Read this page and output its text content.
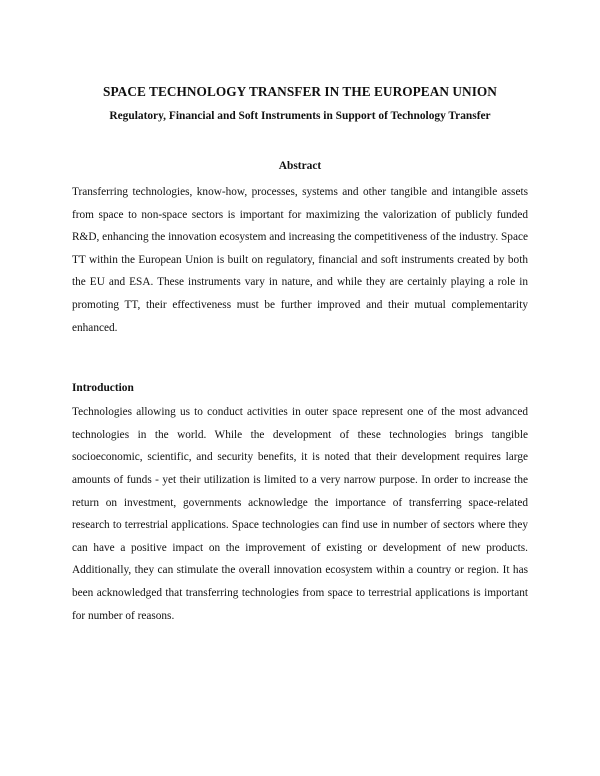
SPACE TECHNOLOGY TRANSFER IN THE EUROPEAN UNION
Regulatory, Financial and Soft Instruments in Support of Technology Transfer
Abstract

Transferring technologies, know-how, processes, systems and other tangible and intangible assets from space to non-space sectors is important for maximizing the valorization of publicly funded R&D, enhancing the innovation ecosystem and increasing the competitiveness of the industry. Space TT within the European Union is built on regulatory, financial and soft instruments created by both the EU and ESA. These instruments vary in nature, and while they are certainly playing a role in promoting TT, their effectiveness must be further improved and their mutual complementarity enhanced.

Introduction

Technologies allowing us to conduct activities in outer space represent one of the most advanced technologies in the world. While the development of these technologies brings tangible socioeconomic, scientific, and security benefits, it is noted that their development requires large amounts of funds - yet their utilization is limited to a very narrow purpose. In order to increase the return on investment, governments acknowledge the importance of transferring space-related research to terrestrial applications. Space technologies can find use in number of sectors where they can have a positive impact on the improvement of existing or development of new products. Additionally, they can stimulate the overall innovation ecosystem within a country or region. It has been acknowledged that transferring technologies from space to terrestrial applications is important for number of reasons.
